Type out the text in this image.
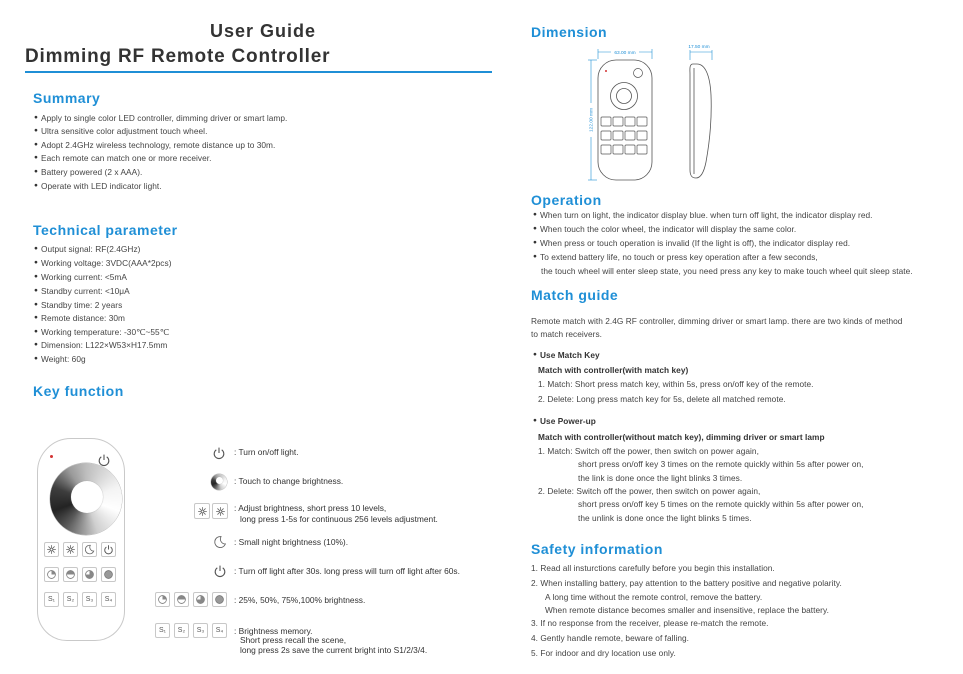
User Guide
Dimming RF Remote Controller
Summary
● Apply to single color LED controller, dimming driver or smart lamp.
● Ultra sensitive color adjustment touch wheel.
● Adopt 2.4GHz wireless technology, remote distance up to 30m.
● Each remote can match one or more receiver.
● Battery powered (2 x AAA).
● Operate with LED indicator light.
Technical parameter
● Output signal: RF(2.4GHz)
● Working voltage: 3VDC(AAA*2pcs)
● Working current: <5mA
● Standby current: <10μA
● Standby time: 2 years
● Remote distance: 30m
● Working temperature: -30℃~55℃
● Dimension: L122×W53×H17.5mm
● Weight: 60g
Key function
S₁ S₂ S₃ S₄
: Turn on/off light.
: Touch to change brightness.
: Adjust brightness, short press 10 levels,
long press 1-5s for continuous 256 levels adjustment.
: Small night brightness (10%).
: Turn off light after 30s. long press will turn off light after 60s.
: 25%, 50%, 75%,100% brightness.
S₁ S₂ S₃ S₄ : Brightness memory.
Short press recall the scene,
long press 2s save the current bright into S1/2/3/4.
Dimension
63.00 mm
122.00 mm
17.50 mm
Operation
● When turn on light, the indicator display blue. when turn off light, the indicator display red.
● When touch the color wheel, the indicator will display the same color.
● When press or touch operation is invalid (If the light is off), the indicator display red.
● To extend battery life, no touch or press key operation after a few seconds,
the touch wheel will enter sleep state, you need press any key to make touch wheel quit sleep state.
Match guide
Remote match with 2.4G RF controller, dimming driver or smart lamp. there are two kinds of method
to match receivers.
● Use Match Key
Match with controller(with match key)
1. Match: Short press match key, within 5s, press on/off key of the remote.
2. Delete: Long press match key for 5s, delete all matched remote.
● Use Power-up
Match with controller(without match key), dimming driver or smart lamp
1. Match: Switch off the power, then switch on power again,
short press on/off key 3 times on the remote quickly within 5s after power on,
the link is done once the light blinks 3 times.
2. Delete: Switch off the power, then switch on power again,
short press on/off key 5 times on the remote quickly within 5s after power on,
the unlink is done once the light blinks 5 times.
Safety information
1. Read all insturctions carefully before you begin this installation.
2. When installing battery, pay attention to the battery positive and negative polarity.
A long time without the remote control, remove the battery.
When remote distance becomes smaller and insensitive, replace the battery.
3. If no response from the receiver, please re-match the remote.
4. Gently handle remote, beware of falling.
5. For indoor and dry location use only.
